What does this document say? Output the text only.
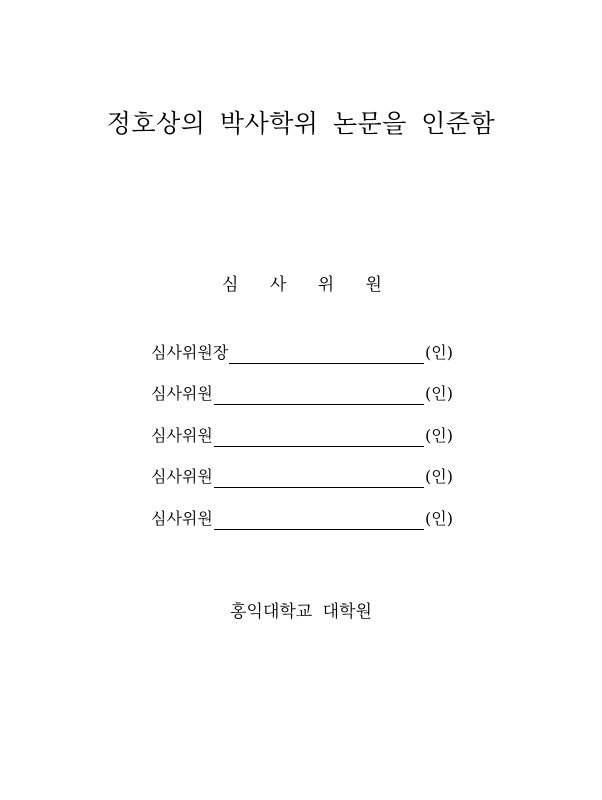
정호상의 박사학위 논문을 인준함
심 사 위 원
심사위원장	(인)
심사위원	(인)
심사위원	(인)
심사위원	(인)
심사위원	(인)
홍익대학교 대학원
